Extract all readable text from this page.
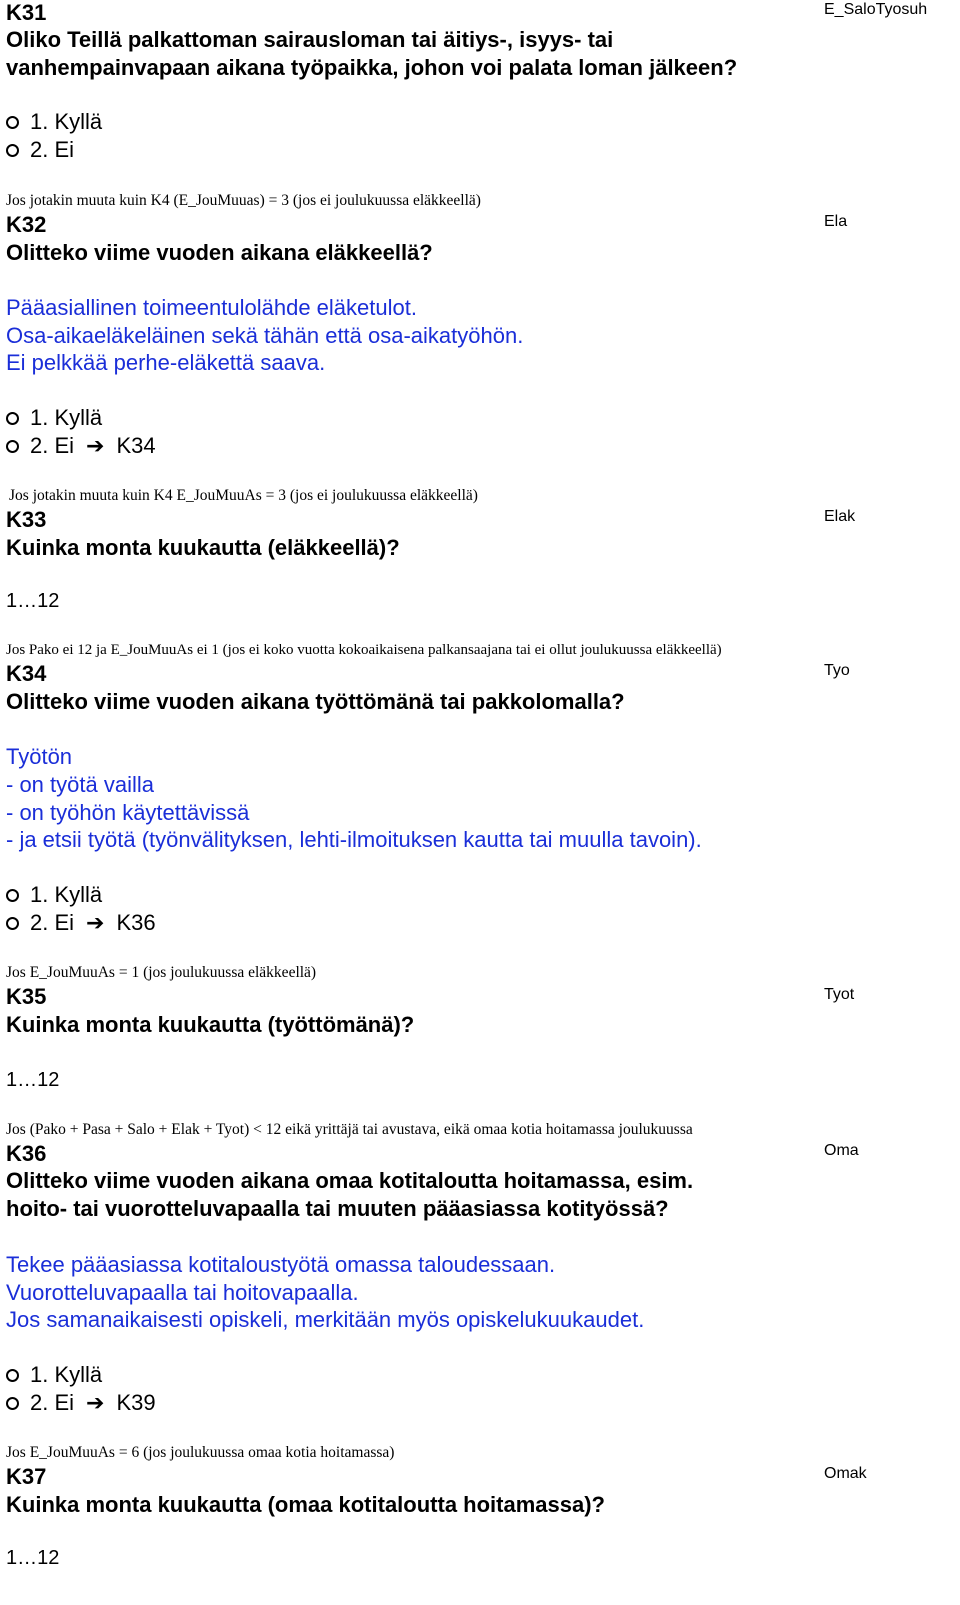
K31	E_SaloTyosuh
Oliko Teillä palkattoman sairausloman tai äitiys-, isyys- tai
vanhempainvapaan aikana työpaikka, johon voi palata loman jälkeen?
1. Kyllä
2. Ei
Jos jotakin muuta kuin K4 (E_JouMuuas) = 3 (jos ei joulukuussa eläkkeellä)
K32	Ela
Olitteko viime vuoden aikana eläkkeellä?
Pääasiallinen toimeentulolähde eläketulot.
Osa-aikaeläkeläinen sekä tähän että osa-aikatyöhön.
Ei pelkkää perhe-eläkettä saava.
1. Kyllä
2. Ei ➔ K34
Jos jotakin muuta kuin K4 E_JouMuuAs = 3 (jos ei joulukuussa eläkkeellä)
K33	Elak
Kuinka monta kuukautta (eläkkeellä)?
1…12
Jos Pako ei 12 ja E_JouMuuAs ei 1 (jos ei koko vuotta kokoaikaisena palkansaajana tai ei ollut joulukuussa eläkkeellä)
K34	Tyo
Olitteko viime vuoden aikana työttömänä tai pakkolomalla?
Työtön
- on työtä vailla
- on työhön käytettävissä
- ja etsii työtä (työnvälityksen, lehti-ilmoituksen kautta tai muulla tavoin).
1. Kyllä
2. Ei ➔ K36
Jos E_JouMuuAs = 1 (jos joulukuussa eläkkeellä)
K35	Tyot
Kuinka monta kuukautta (työttömänä)?
1…12
Jos (Pako + Pasa + Salo + Elak + Tyot) < 12 eikä yrittäjä tai avustava, eikä omaa kotia hoitamassa joulukuussa
K36	Oma
Olitteko viime vuoden aikana omaa kotitaloutta hoitamassa, esim.
hoito- tai vuorotteluvapaalla tai muuten pääasiassa kotityössä?
Tekee pääasiassa kotitaloustyötä omassa taloudessaan.
Vuorotteluvapaalla tai hoitovapaalla.
Jos samanaikaisesti opiskeli, merkitään myös opiskelukuukaudet.
1. Kyllä
2. Ei ➔ K39
Jos E_JouMuuAs = 6 (jos joulukuussa omaa kotia hoitamassa)
K37	Omak
Kuinka monta kuukautta (omaa kotitaloutta hoitamassa)?
1…12
